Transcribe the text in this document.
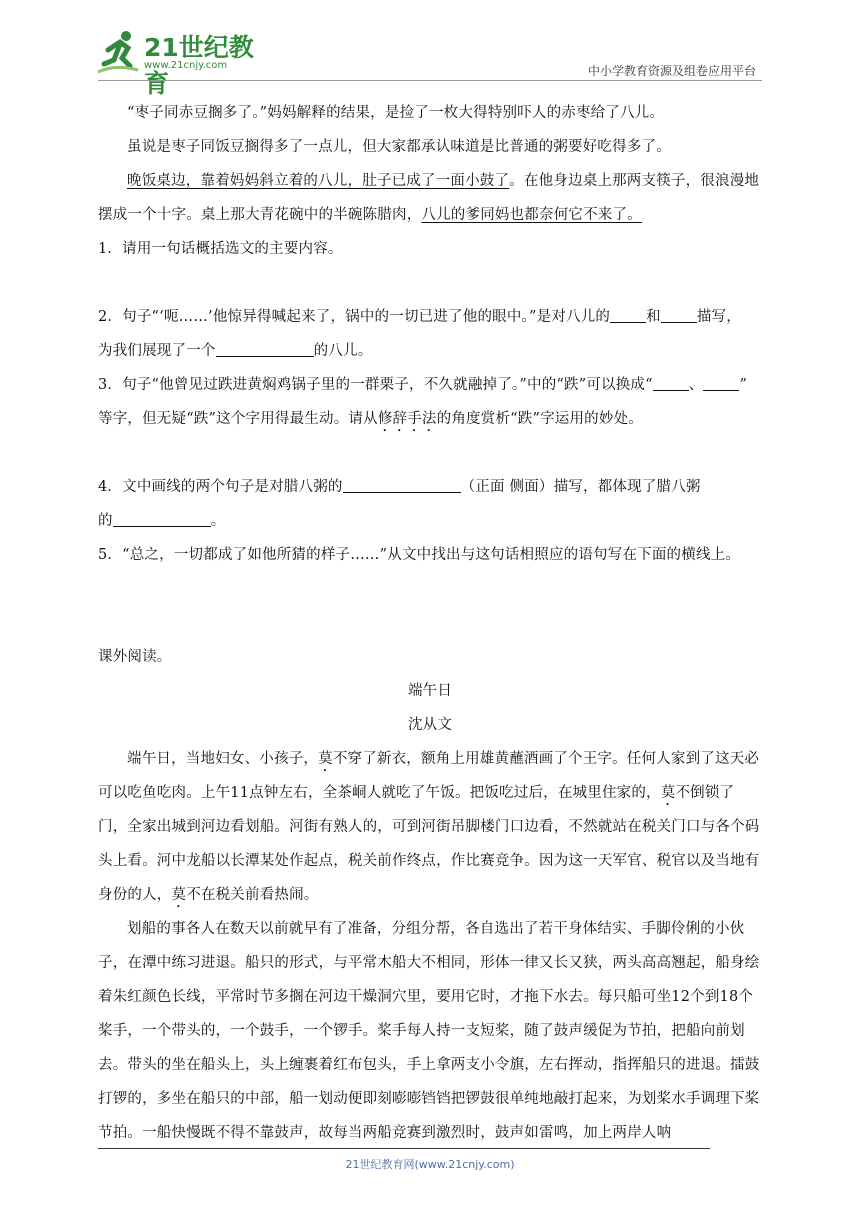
21世纪教育
www.21cnjy.com	中小学教育资源及组卷应用平台

“枣子同赤豆搁多了。”妈妈解释的结果，是捡了一枚大得特别吓人的赤枣给了八儿。

虽说是枣子同饭豆搁得多了一点儿，但大家都承认味道是比普通的粥要好吃得多了。

晚饭桌边，靠着妈妈斜立着的八儿，肚子已成了一面小鼓了。在他身边桌上那两支筷子，很浪漫地摆成一个十字。桌上那大青花碗中的半碗陈腊肉，八儿的爹同妈也都奈何它不来了。

1．请用一句话概括选文的主要内容。

2．句子“‘呃……’他惊异得喊起来了，锅中的一切已进了他的眼中。”是对八儿的 和 描写，

为我们展现了一个	的八儿。

3．句子“他曾见过跌进黄焖鸡锅子里的一群栗子，不久就融掉了。”中的“跌”可以换成“ 、 ”

等字，但无疑“跌”这个字用得最生动。请从修辞手法的角度赏析“跌”字运用的妙处。

4．文中画线的两个句子是对腊八粥的	（正面 侧面）描写，都体现了腊八粥

的	。

5．“总之，一切都成了如他所猜的样子……”从文中找出与这句话相照应的语句写在下面的横线上。

课外阅读。

端午日

沈从文

端午日，当地妇女、小孩子，莫不穿了新衣，额角上用雄黄蘸酒画了个王字。任何人家到了这天必可以吃鱼吃肉。上午11点钟左右，全茶峒人就吃了午饭。把饭吃过后，在城里住家的，莫不倒锁了门，全家出城到河边看划船。河街有熟人的，可到河街吊脚楼门口边看，不然就站在税关门口与各个码头上看。河中龙船以长潭某处作起点，税关前作终点，作比赛竞争。因为这一天军官、税官以及当地有身份的人，莫不在税关前看热闹。

划船的事各人在数天以前就早有了准备，分组分帮，各自选出了若干身体结实、手脚伶俐的小伙子，在潭中练习进退。船只的形式，与平常木船大不相同，形体一律又长又狭，两头高高翘起，船身绘着朱红颜色长线，平常时节多搁在河边干燥洞穴里，要用它时，才拖下水去。每只船可坐12个到18个桨手，一个带头的，一个鼓手，一个锣手。桨手每人持一支短桨，随了鼓声缓促为节拍，把船向前划去。带头的坐在船头上，头上缠裹着红布包头，手上拿两支小令旗，左右挥动，指挥船只的进退。擂鼓打锣的，多坐在船只的中部，船一划动便即刻嘭嘭铛铛把锣鼓很单纯地敲打起来，为划桨水手调理下桨节拍。一船快慢既不得不靠鼓声，故每当两船竞赛到激烈时，鼓声如雷鸣，加上两岸人呐

21世纪教育网(www.21cnjy.com)
